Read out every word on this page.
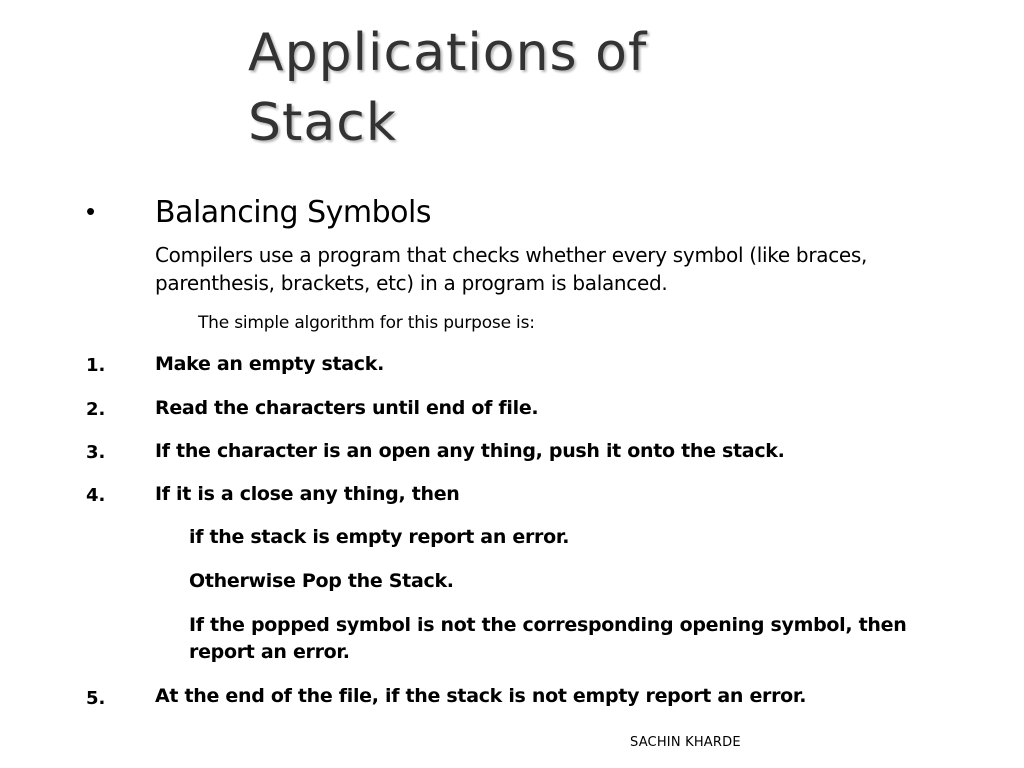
Applications of
Stack
• Balancing Symbols
Compilers use a program that checks whether every symbol (like braces, parenthesis, brackets, etc) in a program is balanced.
The simple algorithm for this purpose is:
1.	Make an empty stack.
2.	Read the characters until end of file.
3.	If the character is an open any thing, push it onto the stack.
4.	If it is a close any thing, then
if the stack is empty report an error.
Otherwise Pop the Stack.
If the popped symbol is not the corresponding opening symbol, then report an error.
5.	At the end of the file, if the stack is not empty report an error.
SACHIN KHARDE
